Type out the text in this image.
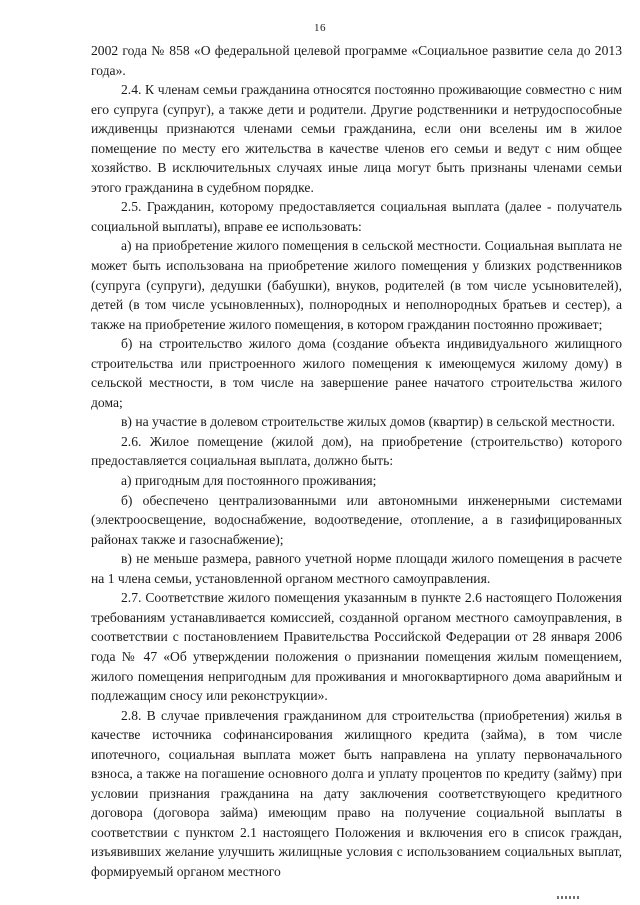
16

2002 года № 858 «О федеральной целевой программе «Социальное развитие села до 2013 года».

2.4. К членам семьи гражданина относятся постоянно проживающие совместно с ним его супруга (супруг), а также дети и родители. Другие родственники и нетрудоспособные иждивенцы признаются членами семьи гражданина, если они вселены им в жилое помещение по месту его жительства в качестве членов его семьи и ведут с ним общее хозяйство. В исключительных случаях иные лица могут быть признаны членами семьи этого гражданина в судебном порядке.

2.5. Гражданин, которому предоставляется социальная выплата (далее - получатель социальной выплаты), вправе ее использовать:

а) на приобретение жилого помещения в сельской местности. Социальная выплата не может быть использована на приобретение жилого помещения у близких родственников (супруга (супруги), дедушки (бабушки), внуков, родителей (в том числе усыновителей), детей (в том числе усыновленных), полнородных и неполнородных братьев и сестер), а также на приобретение жилого помещения, в котором гражданин постоянно проживает;

б) на строительство жилого дома (создание объекта индивидуального жилищного строительства или пристроенного жилого помещения к имеющемуся жилому дому) в сельской местности, в том числе на завершение ранее начатого строительства жилого дома;

в) на участие в долевом строительстве жилых домов (квартир) в сельской местности.

2.6. Жилое помещение (жилой дом), на приобретение (строительство) которого предоставляется социальная выплата, должно быть:

а) пригодным для постоянного проживания;

б) обеспечено централизованными или автономными инженерными системами (электроосвещение, водоснабжение, водоотведение, отопление, а в газифицированных районах также и газоснабжение);

в) не меньше размера, равного учетной норме площади жилого помещения в расчете на 1 члена семьи, установленной органом местного самоуправления.

2.7. Соответствие жилого помещения указанным в пункте 2.6 настоящего Положения требованиям устанавливается комиссией, созданной органом местного самоуправления, в соответствии с постановлением Правительства Российской Федерации от 28 января 2006 года № 47 «Об утверждении положения о признании помещения жилым помещением, жилого помещения непригодным для проживания и многоквартирного дома аварийным и подлежащим сносу или реконструкции».

2.8. В случае привлечения гражданином для строительства (приобретения) жилья в качестве источника софинансирования жилищного кредита (займа), в том числе ипотечного, социальная выплата может быть направлена на уплату первоначального взноса, а также на погашение основного долга и уплату процентов по кредиту (займу) при условии признания гражданина на дату заключения соответствующего кредитного договора (договора займа) имеющим право на получение социальной выплаты в соответствии с пунктом 2.1 настоящего Положения и включения его в список граждан, изъявивших желание улучшить жилищные условия с использованием социальных выплат, формируемый органом местного
